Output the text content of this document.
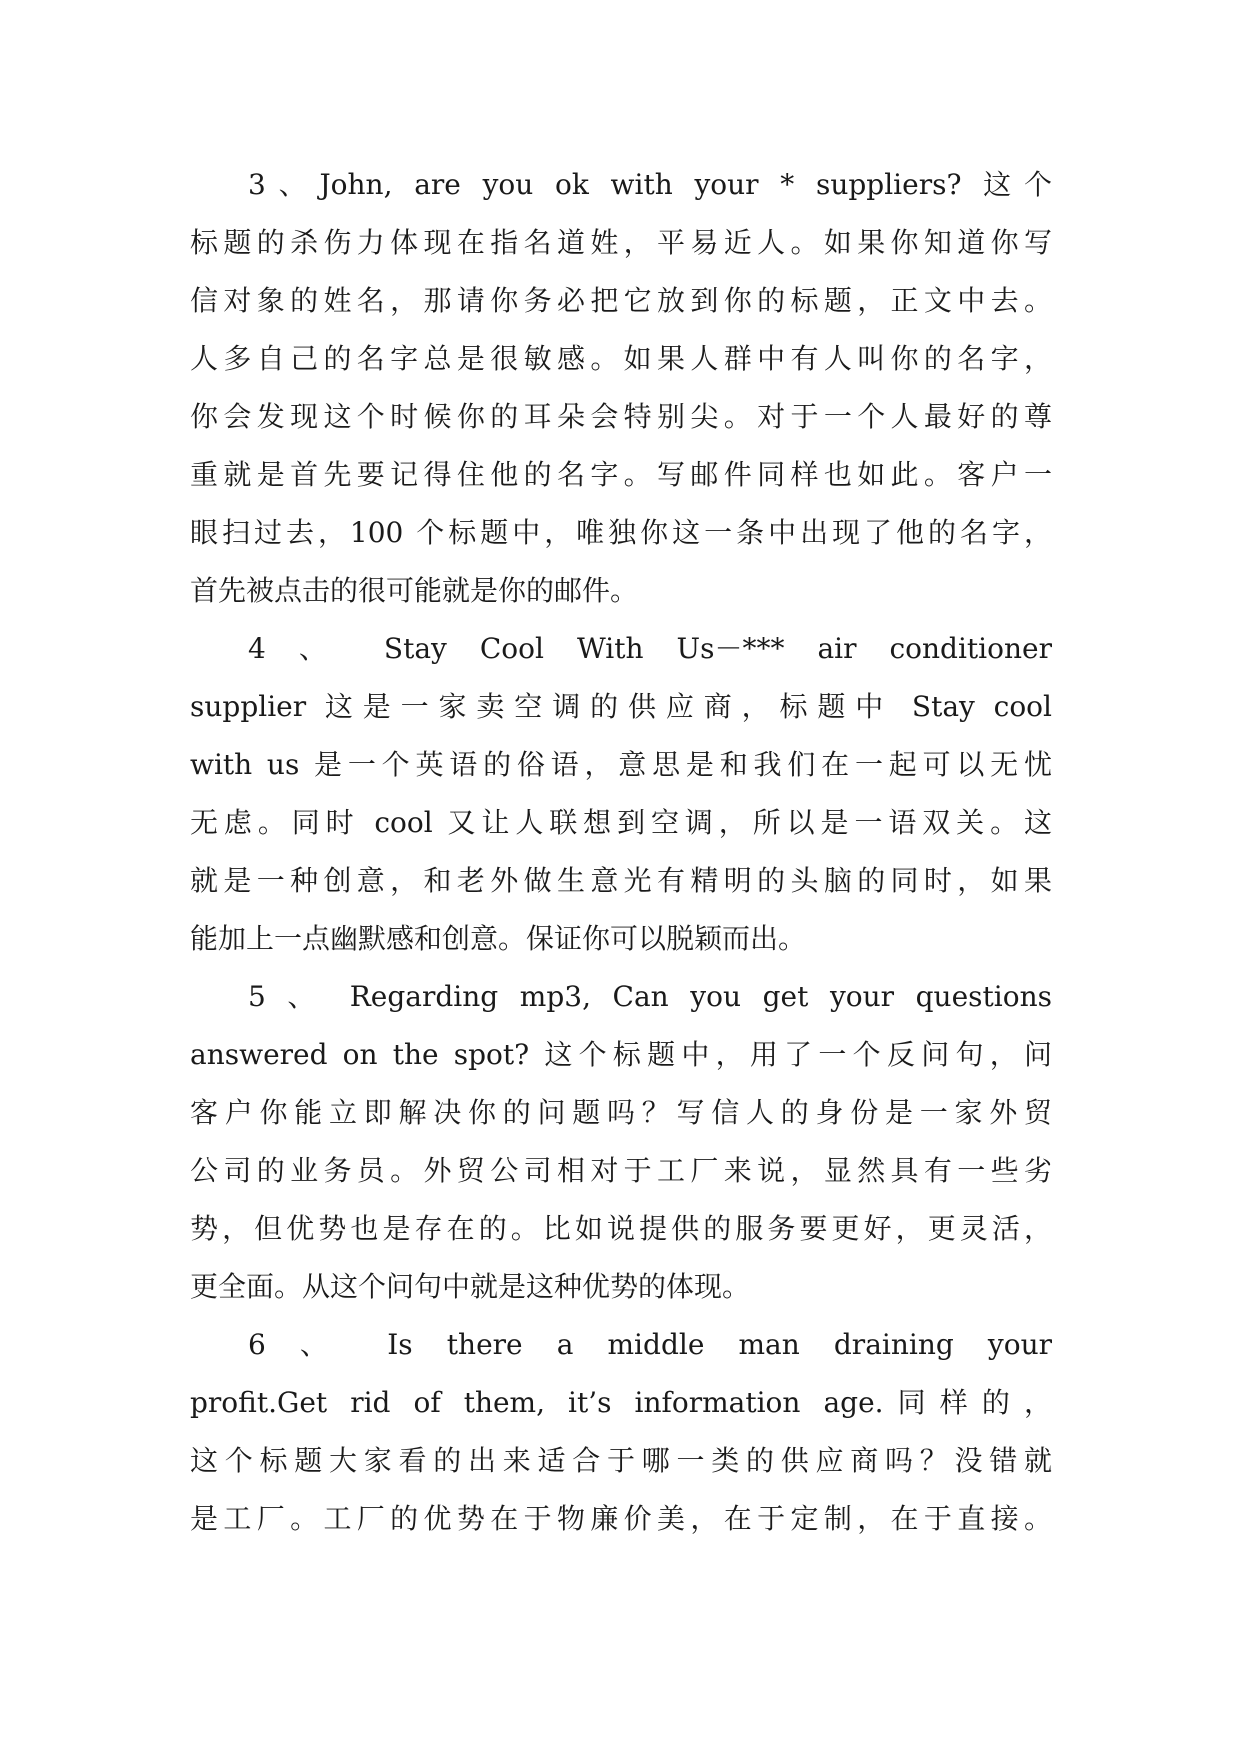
3、John, are you ok with your * suppliers? 这个
标题的杀伤力体现在指名道姓，平易近人。如果你知道你写
信对象的姓名，那请你务必把它放到你的标题，正文中去。
人多自己的名字总是很敏感。如果人群中有人叫你的名字，
你会发现这个时候你的耳朵会特别尖。对于一个人最好的尊
重就是首先要记得住他的名字。写邮件同样也如此。客户一
眼扫过去，100 个标题中，唯独你这一条中出现了他的名字，
首先被点击的很可能就是你的邮件。
4 、 Stay Cool With Us－*** air conditioner
supplier 这是一家卖空调的供应商，标题中 Stay cool
with us 是一个英语的俗语，意思是和我们在一起可以无忧
无虑。同时 cool 又让人联想到空调，所以是一语双关。这
就是一种创意，和老外做生意光有精明的头脑的同时，如果
能加上一点幽默感和创意。保证你可以脱颖而出。
5 、 Regarding mp3, Can you get your questions
answered on the spot? 这个标题中，用了一个反问句，问
客户你能立即解决你的问题吗？写信人的身份是一家外贸
公司的业务员。外贸公司相对于工厂来说，显然具有一些劣
势，但优势也是存在的。比如说提供的服务要更好，更灵活，
更全面。从这个问句中就是这种优势的体现。
6 、 Is there a middle man draining your
profit.Get rid of them, it’s information age.同样的，
这个标题大家看的出来适合于哪一类的供应商吗？没错就
是工厂。工厂的优势在于物廉价美，在于定制，在于直接。
